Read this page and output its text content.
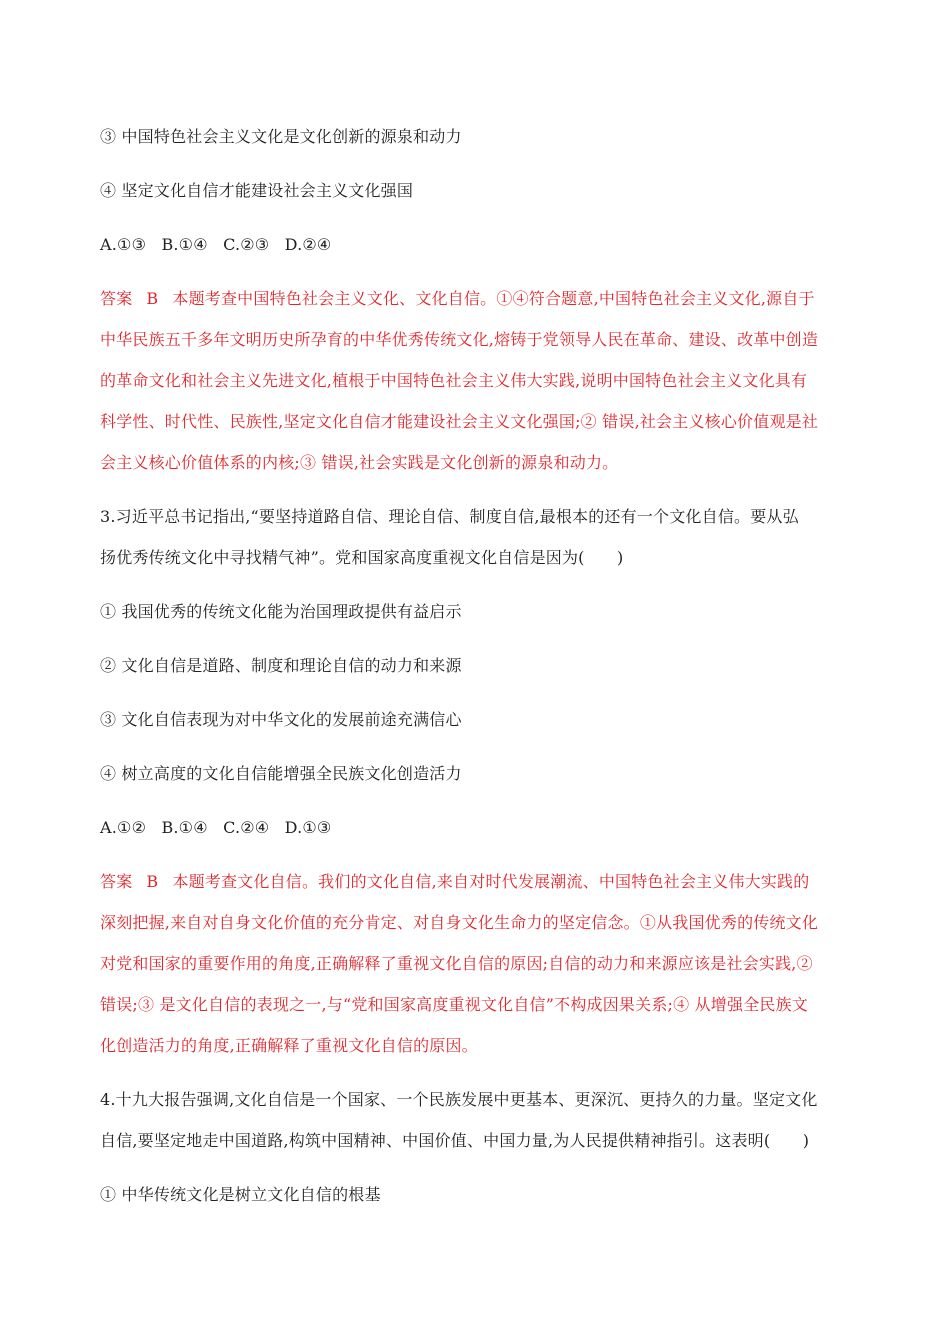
③ 中国特色社会主义文化是文化创新的源泉和动力
④ 坚定文化自信才能建设社会主义文化强国
A.①③ B.①④ C.②③ D.②④
答案 B 本题考查中国特色社会主义文化、文化自信。①④符合题意,中国特色社会主义文化,源自于
中华民族五千多年文明历史所孕育的中华优秀传统文化,熔铸于党领导人民在革命、建设、改革中创造
的革命文化和社会主义先进文化,植根于中国特色社会主义伟大实践,说明中国特色社会主义文化具有
科学性、时代性、民族性,坚定文化自信才能建设社会主义文化强国;② 错误,社会主义核心价值观是社
会主义核心价值体系的内核;③ 错误,社会实践是文化创新的源泉和动力。
3.习近平总书记指出,“要坚持道路自信、理论自信、制度自信,最根本的还有一个文化自信。要从弘
扬优秀传统文化中寻找精气神”。党和国家高度重视文化自信是因为(　　)
① 我国优秀的传统文化能为治国理政提供有益启示
② 文化自信是道路、制度和理论自信的动力和来源
③ 文化自信表现为对中华文化的发展前途充满信心
④ 树立高度的文化自信能增强全民族文化创造活力
A.①② B.①④ C.②④ D.①③
答案 B 本题考查文化自信。我们的文化自信,来自对时代发展潮流、中国特色社会主义伟大实践的
深刻把握,来自对自身文化价值的充分肯定、对自身文化生命力的坚定信念。①从我国优秀的传统文化
对党和国家的重要作用的角度,正确解释了重视文化自信的原因;自信的动力和来源应该是社会实践,②
错误;③ 是文化自信的表现之一,与“党和国家高度重视文化自信”不构成因果关系;④ 从增强全民族文
化创造活力的角度,正确解释了重视文化自信的原因。
4.十九大报告强调,文化自信是一个国家、一个民族发展中更基本、更深沉、更持久的力量。坚定文化
自信,要坚定地走中国道路,构筑中国精神、中国价值、中国力量,为人民提供精神指引。这表明(　　)
① 中华传统文化是树立文化自信的根基
